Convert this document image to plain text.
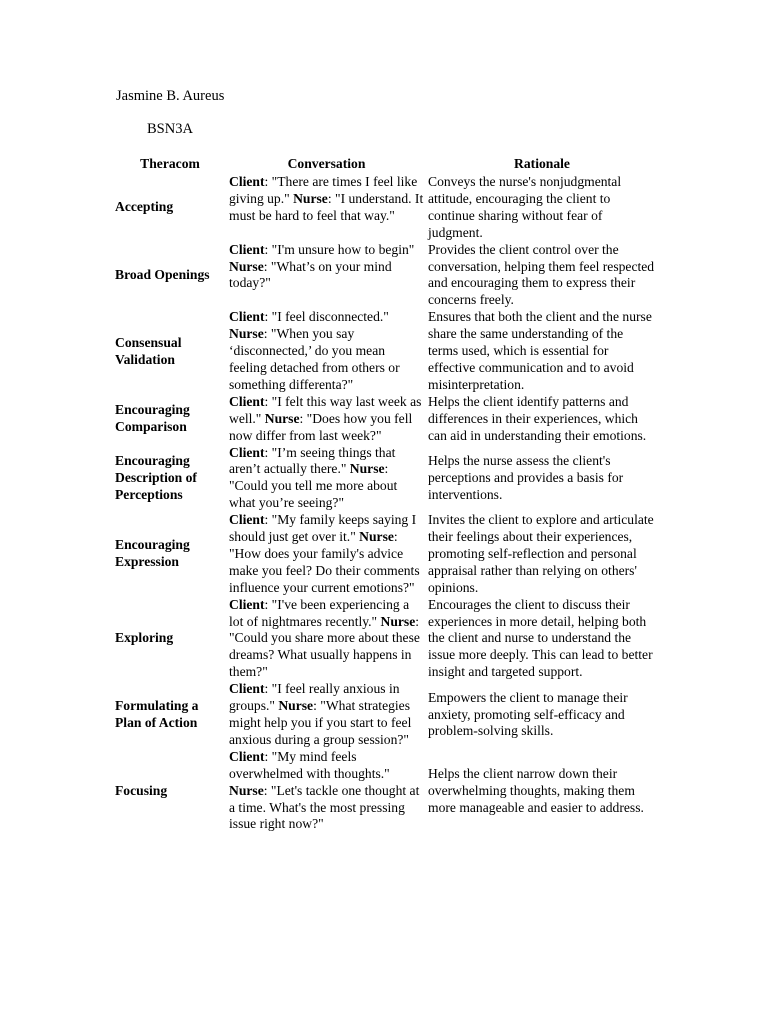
Jasmine B. Aureus
BSN3A
Theracom	Conversation	Rationale
Accepting	Client: "There are times I feel like giving up." Nurse: "I understand. It must be hard to feel that way."	Conveys the nurse's nonjudgmental attitude, encouraging the client to continue sharing without fear of judgment.
Broad Openings	Client: "I'm unsure how to begin" Nurse: "What’s on your mind today?"	Provides the client control over the conversation, helping them feel respected and encouraging them to express their concerns freely.
Consensual Validation	Client: "I feel disconnected." Nurse: "When you say ‘disconnected,’ do you mean feeling detached from others or something differenta?"	Ensures that both the client and the nurse share the same understanding of the terms used, which is essential for effective communication and to avoid misinterpretation.
Encouraging Comparison	Client: "I felt this way last week as well." Nurse: "Does how you fell now differ from last week?"	Helps the client identify patterns and differences in their experiences, which can aid in understanding their emotions.
Encouraging Description of Perceptions	Client: "I’m seeing things that aren’t actually there." Nurse: "Could you tell me more about what you’re seeing?"	Helps the nurse assess the client's perceptions and provides a basis for interventions.
Encouraging Expression	Client: "My family keeps saying I should just get over it." Nurse: "How does your family's advice make you feel? Do their comments influence your current emotions?"	Invites the client to explore and articulate their feelings about their experiences, promoting self-reflection and personal appraisal rather than relying on others' opinions.
Exploring	Client: "I've been experiencing a lot of nightmares recently." Nurse: "Could you share more about these dreams? What usually happens in them?"	Encourages the client to discuss their experiences in more detail, helping both the client and nurse to understand the issue more deeply. This can lead to better insight and targeted support.
Formulating a Plan of Action	Client: "I feel really anxious in groups." Nurse: "What strategies might help you if you start to feel anxious during a group session?"	Empowers the client to manage their anxiety, promoting self-efficacy and problem-solving skills.
Focusing	Client: "My mind feels overwhelmed with thoughts." Nurse: "Let's tackle one thought at a time. What's the most pressing issue right now?"	Helps the client narrow down their overwhelming thoughts, making them more manageable and easier to address.
